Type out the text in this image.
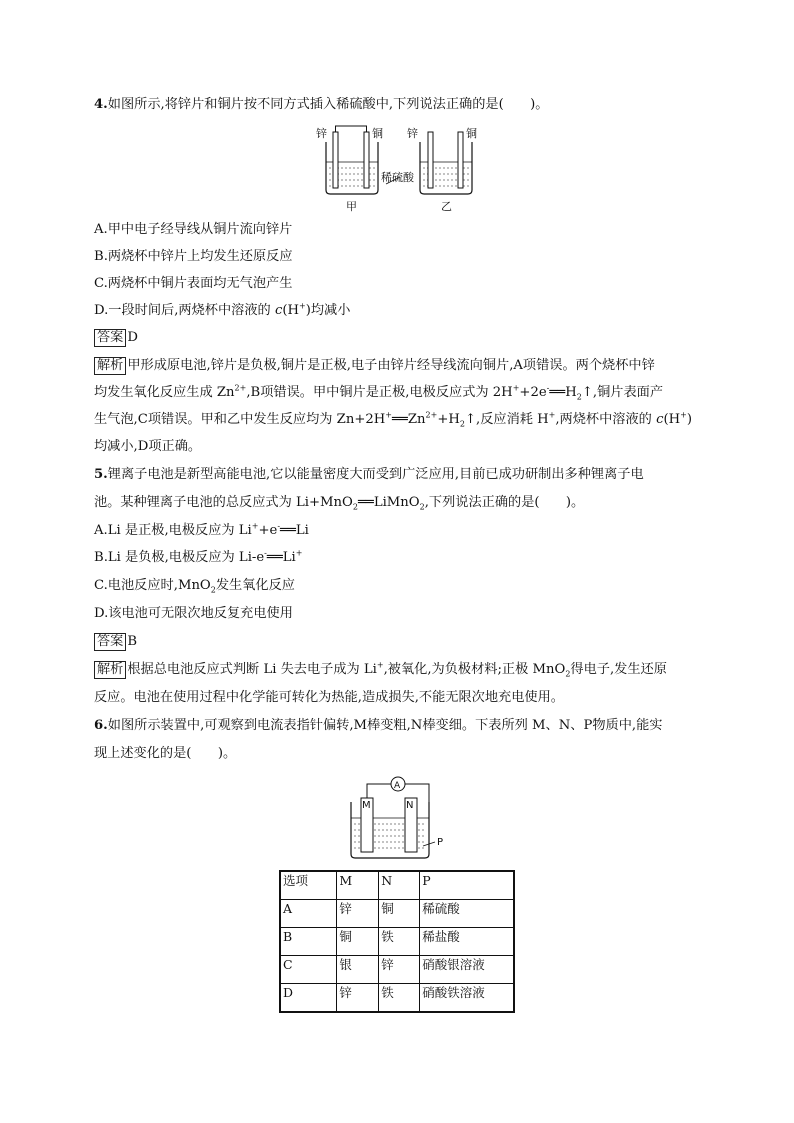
4.如图所示,将锌片和铜片按不同方式插入稀硫酸中,下列说法正确的是(　　)。
锌	铜 锌	铜
稀硫酸
甲	乙
A.甲中电子经导线从铜片流向锌片
B.两烧杯中锌片上均发生还原反应
C.两烧杯中铜片表面均无气泡产生
D.一段时间后,两烧杯中溶液的 c(H+)均减小
答案 D
解析 甲形成原电池,锌片是负极,铜片是正极,电子由锌片经导线流向铜片,A项错误。两个烧杯中锌
均发生氧化反应生成 $Zn^{2+},B$项错误。甲中铜片是正极,电极反应式为 $2H^++2e^-══H_2↑$,铜片表面产
生气泡,C项错误。甲和乙中发生反应均为 $Zn+2H^+══Zn^{2+}+H_2↑$,反应消耗 H+,两烧杯中溶液的 c(H+)
均减小,D项正确。
5.锂离子电池是新型高能电池,它以能量密度大而受到广泛应用,目前已成功研制出多种锂离子电
池。某种锂离子电池的总反应式为 Li+MnO$_2$══LiMnO$_2$,下列说法正确的是(　　)。
A.Li 是正极,电极反应为 Li++e-══Li
B.Li 是负极,电极反应为 Li-e-══Li+
C.电池反应时,MnO$_2$发生氧化反应
D.该电池可无限次地反复充电使用
答案 B
解析 根据总电池反应式判断 Li 失去电子成为 Li+,被氧化,为负极材料;正极 MnO$_2$得电子,发生还原
反应。电池在使用过程中化学能可转化为热能,造成损失,不能无限次地充电使用。
6.如图所示装置中,可观察到电流表指针偏转,M棒变粗,N棒变细。下表所列 M、N、P物质中,能实
现上述变化的是(　　)。
A
M	N
P
选项	M	N	P
A	锌	铜	稀硫酸
B	铜	铁	稀盐酸
C	银	锌	硝酸银溶液
D	锌	铁	硝酸铁溶液
